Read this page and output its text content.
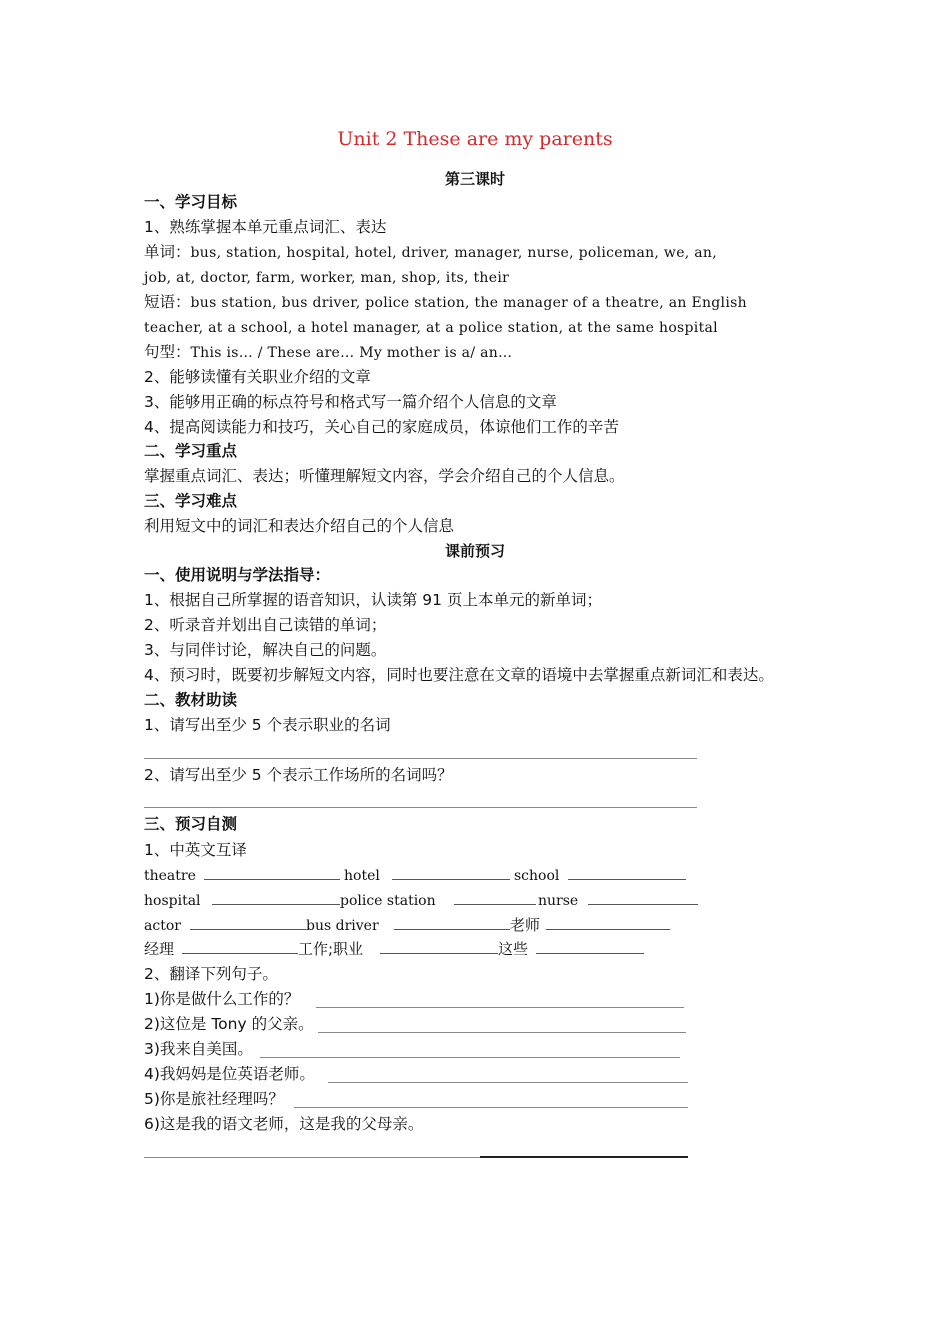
Unit 2 These are my parents
第三课时
一、学习目标
1、熟练掌握本单元重点词汇、表达
单词：bus, station, hospital, hotel, driver, manager, nurse, policeman, we, an,
job, at, doctor, farm, worker, man, shop, its, their
短语：bus station, bus driver, police station, the manager of a theatre, an English
teacher, at a school, a hotel manager, at a police station, at the same hospital
句型：This is… / These are… My mother is a/ an…
2、能够读懂有关职业介绍的文章
3、能够用正确的标点符号和格式写一篇介绍个人信息的文章
4、提高阅读能力和技巧，关心自己的家庭成员，体谅他们工作的辛苦
二、学习重点
掌握重点词汇、表达；听懂理解短文内容，学会介绍自己的个人信息。
三、学习难点
利用短文中的词汇和表达介绍自己的个人信息
课前预习
一、使用说明与学法指导：
1、根据自己所掌握的语音知识，认读第 91 页上本单元的新单词；
2、听录音并划出自己读错的单词；
3、与同伴讨论，解决自己的问题。
4、预习时，既要初步解短文内容，同时也要注意在文章的语境中去掌握重点新词汇和表达。
二、教材助读
1、请写出至少 5 个表示职业的名词
2、请写出至少 5 个表示工作场所的名词吗？
三、预习自测
1、中英文互译
theatre	hotel	school
hospital	police station	nurse
actor	bus driver	老师
经理	工作;职业	这些
2、翻译下列句子。
1)你是做什么工作的？
2)这位是 Tony 的父亲。
3)我来自美国。
4)我妈妈是位英语老师。
5)你是旅社经理吗？
6)这是我的语文老师，这是我的父母亲。
